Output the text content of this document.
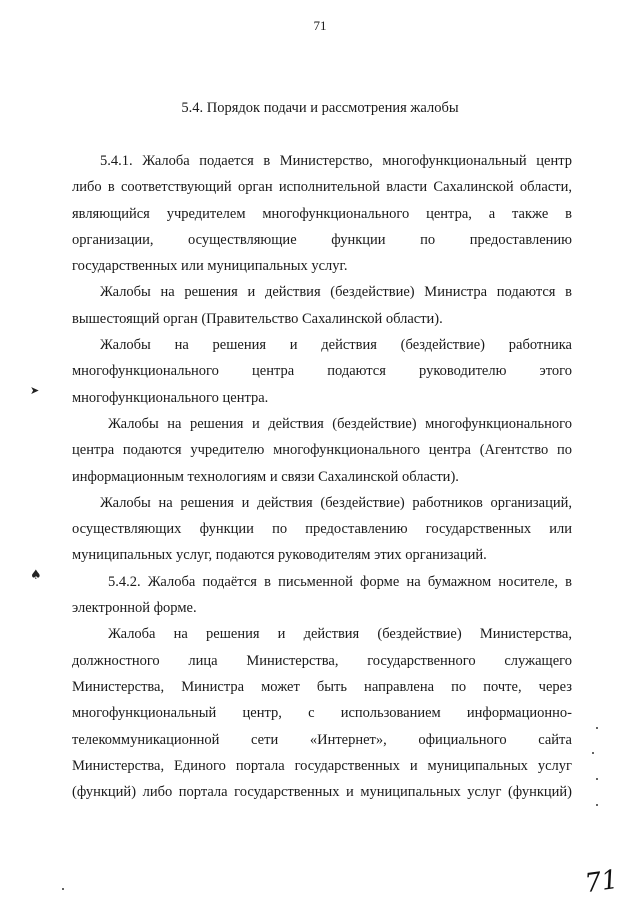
71
5.4. Порядок подачи и рассмотрения жалобы

5.4.1. Жалоба подается в Министерство, многофункциональный центр
либо в соответствующий орган исполнительной власти Сахалинской области,
являющийся учредителем многофункционального центра, а также в
организации, осуществляющие функции по предоставлению
государственных или муниципальных услуг.

Жалобы на решения и действия (бездействие) Министра подаются в
вышестоящий орган (Правительство Сахалинской области).

Жалобы на решения и действия (бездействие) работника
многофункционального центра подаются руководителю этого
многофункционального центра.

Жалобы на решения и действия (бездействие) многофункционального
центра подаются учредителю многофункционального центра (Агентство по
информационным технологиям и связи Сахалинской области).

Жалобы на решения и действия (бездействие) работников организаций,
осуществляющих функции по предоставлению государственных или
муниципальных услуг, подаются руководителям этих организаций.

5.4.2. Жалоба подаётся в письменной форме на бумажном носителе, в
электронной форме.

Жалоба на решения и действия (бездействие) Министерства,
должностного лица Министерства, государственного служащего
Министерства, Министра может быть направлена по почте, через
многофункциональный центр, с использованием информационно-
телекоммуникационной сети «Интернет», официального сайта
Министерства, Единого портала государственных и муниципальных услуг
(функций) либо портала государственных и муниципальных услуг (функций)

➤
♠
71
